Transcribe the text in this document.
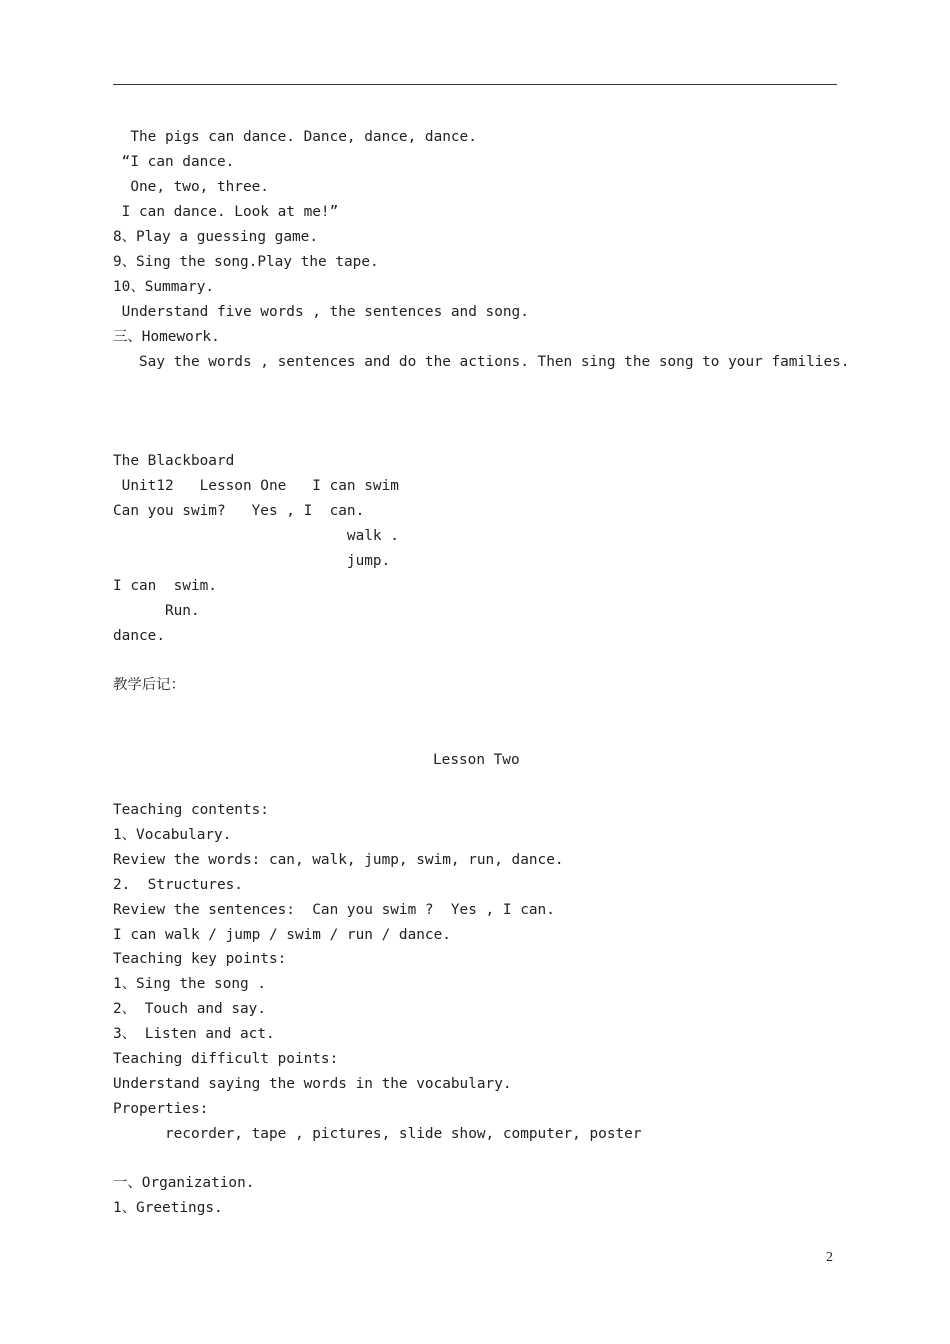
The pigs can dance. Dance, dance, dance.
“I can dance.
One, two, three.
I can dance. Look at me!”
8、Play a guessing game.
9、Sing the song.Play the tape.
10、Summary.
Understand five words , the sentences and song.
三、Homework.
Say the words , sentences and do the actions. Then sing the song to your families.
The Blackboard
Unit12   Lesson One   I can swim
Can you swim?   Yes , I  can.
walk .
jump.
I can  swim.
Run.
dance.
教学后记：
Lesson Two
Teaching contents:
1、Vocabulary.
Review the words: can, walk, jump, swim, run, dance.
2.  Structures.
Review the sentences:  Can you swim ?  Yes , I can.
I can walk / jump / swim / run / dance.
Teaching key points:
1、Sing the song .
2、 Touch and say.
3、 Listen and act.
Teaching difficult points:
Understand saying the words in the vocabulary.
Properties:
recorder, tape , pictures, slide show, computer, poster
一、Organization.
1、Greetings.
2
